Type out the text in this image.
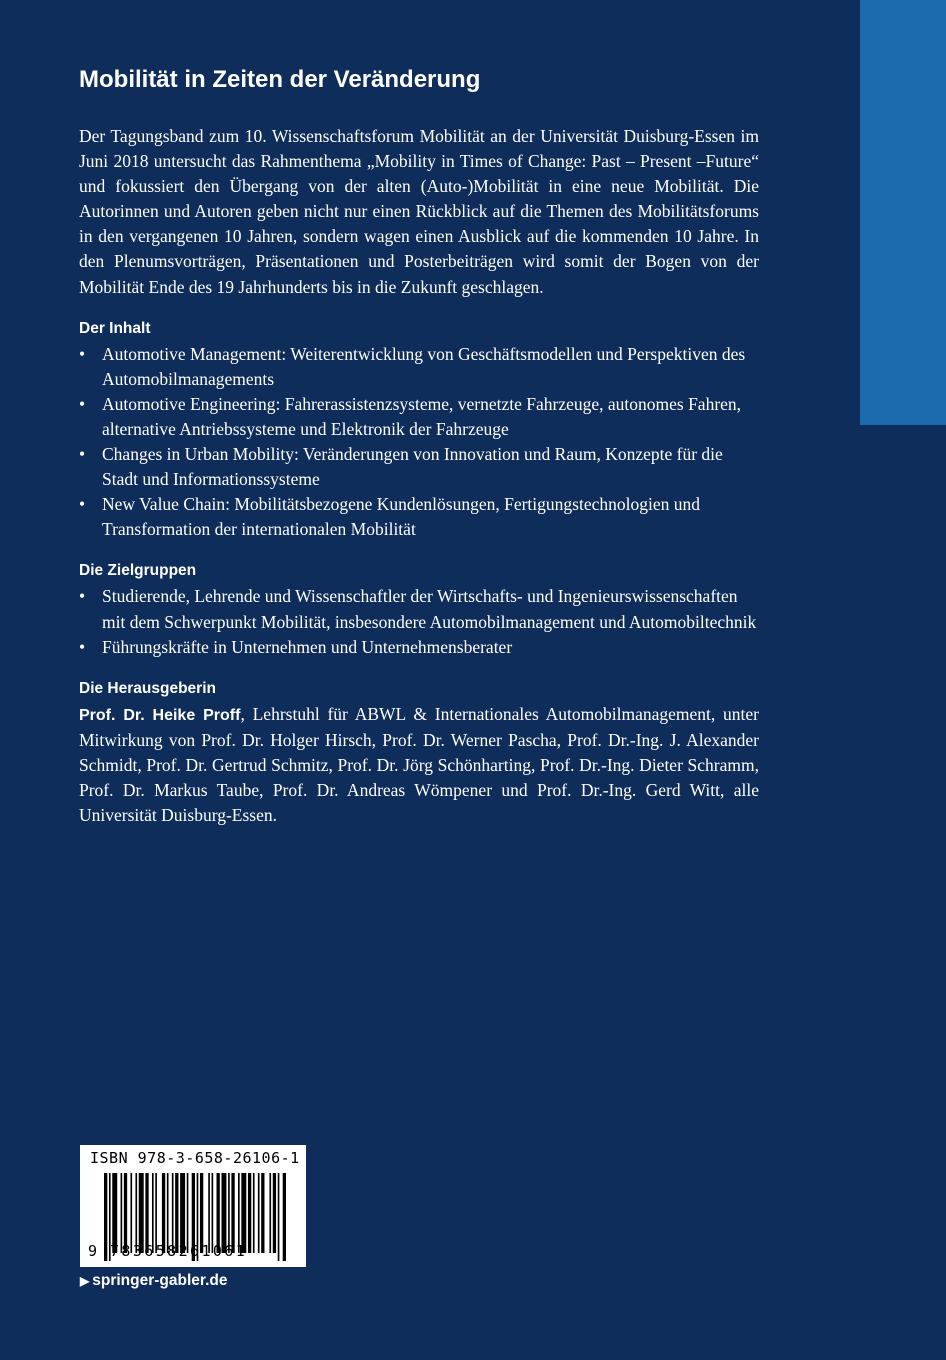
Mobilität in Zeiten der Veränderung

Der Tagungsband zum 10. Wissenschaftsforum Mobilität an der Universität Duisburg-Essen im Juni 2018 untersucht das Rahmenthema „Mobility in Times of Change: Past – Present –Future“ und fokussiert den Übergang von der alten (Auto-)Mobilität in eine neue Mobilität. Die Autorinnen und Autoren geben nicht nur einen Rückblick auf die Themen des Mobilitätsforums in den vergangenen 10 Jahren, sondern wagen einen Ausblick auf die kommenden 10 Jahre. In den Plenumsvorträgen, Präsentationen und Posterbeiträgen wird somit der Bogen von der Mobilität Ende des 19 Jahrhunderts bis in die Zukunft geschlagen.

Der Inhalt
• Automotive Management: Weiterentwicklung von Geschäftsmodellen und Perspektiven des Automobilmanagements
• Automotive Engineering: Fahrerassistenzsysteme, vernetzte Fahrzeuge, autonomes Fahren, alternative Antriebssysteme und Elektronik der Fahrzeuge
• Changes in Urban Mobility: Veränderungen von Innovation und Raum, Konzepte für die Stadt und Informationssysteme
• New Value Chain: Mobilitätsbezogene Kundenlösungen, Fertigungstechnologien und Transformation der internationalen Mobilität
Die Zielgruppen
• Studierende, Lehrende und Wissenschaftler der Wirtschafts- und Ingenieurswissenschaften mit dem Schwerpunkt Mobilität, insbesondere Automobilmanagement und Automobiltechnik
• Führungskräfte in Unternehmen und Unternehmensberater
Die Herausgeberin

Prof. Dr. Heike Proff, Lehrstuhl für ABWL & Internationales Automobilmanagement, unter Mitwirkung von Prof. Dr. Holger Hirsch, Prof. Dr. Werner Pascha, Prof. Dr.-Ing. J. Alexander Schmidt, Prof. Dr. Gertrud Schmitz, Prof. Dr. Jörg Schönharting, Prof. Dr.-Ing. Dieter Schramm, Prof. Dr. Markus Taube, Prof. Dr. Andreas Wömpener und Prof. Dr.-Ing. Gerd Witt, alle Universität Duisburg-Essen.

ISBN 978-3-658-26106-1
9 783658261061
▶ springer-gabler.de
